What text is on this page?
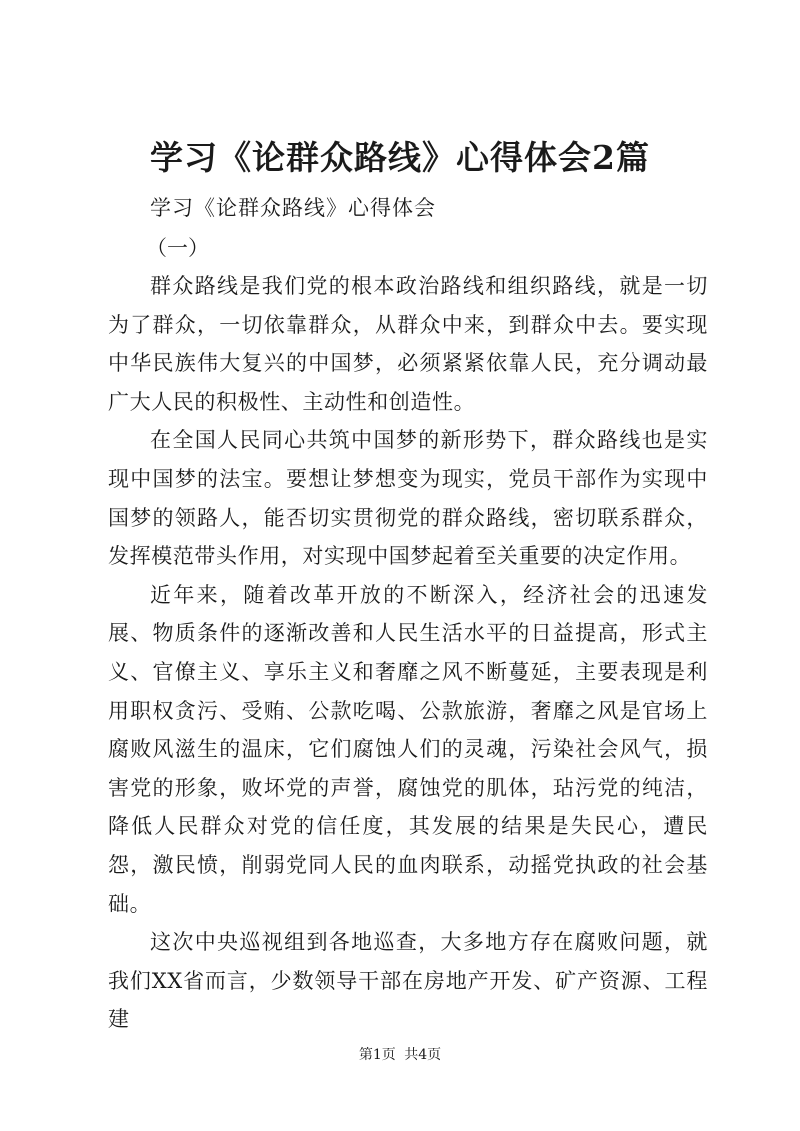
学习《论群众路线》心得体会2篇
学习《论群众路线》心得体会
（一）

群众路线是我们党的根本政治路线和组织路线，就是一切为了群众，一切依靠群众，从群众中来，到群众中去。要实现中华民族伟大复兴的中国梦，必须紧紧依靠人民，充分调动最广大人民的积极性、主动性和创造性。

在全国人民同心共筑中国梦的新形势下，群众路线也是实现中国梦的法宝。要想让梦想变为现实，党员干部作为实现中国梦的领路人，能否切实贯彻党的群众路线，密切联系群众，发挥模范带头作用，对实现中国梦起着至关重要的决定作用。

近年来，随着改革开放的不断深入，经济社会的迅速发展、物质条件的逐渐改善和人民生活水平的日益提高，形式主义、官僚主义、享乐主义和奢靡之风不断蔓延，主要表现是利用职权贪污、受贿、公款吃喝、公款旅游，奢靡之风是官场上腐败风滋生的温床，它们腐蚀人们的灵魂，污染社会风气，损害党的形象，败坏党的声誉，腐蚀党的肌体，玷污党的纯洁，降低人民群众对党的信任度，其发展的结果是失民心，遭民怨，激民愤，削弱党同人民的血肉联系，动摇党执政的社会基础。

这次中央巡视组到各地巡查，大多地方存在腐败问题，就我们XX省而言，少数领导干部在房地产开发、矿产资源、工程建

第1页 共4页
